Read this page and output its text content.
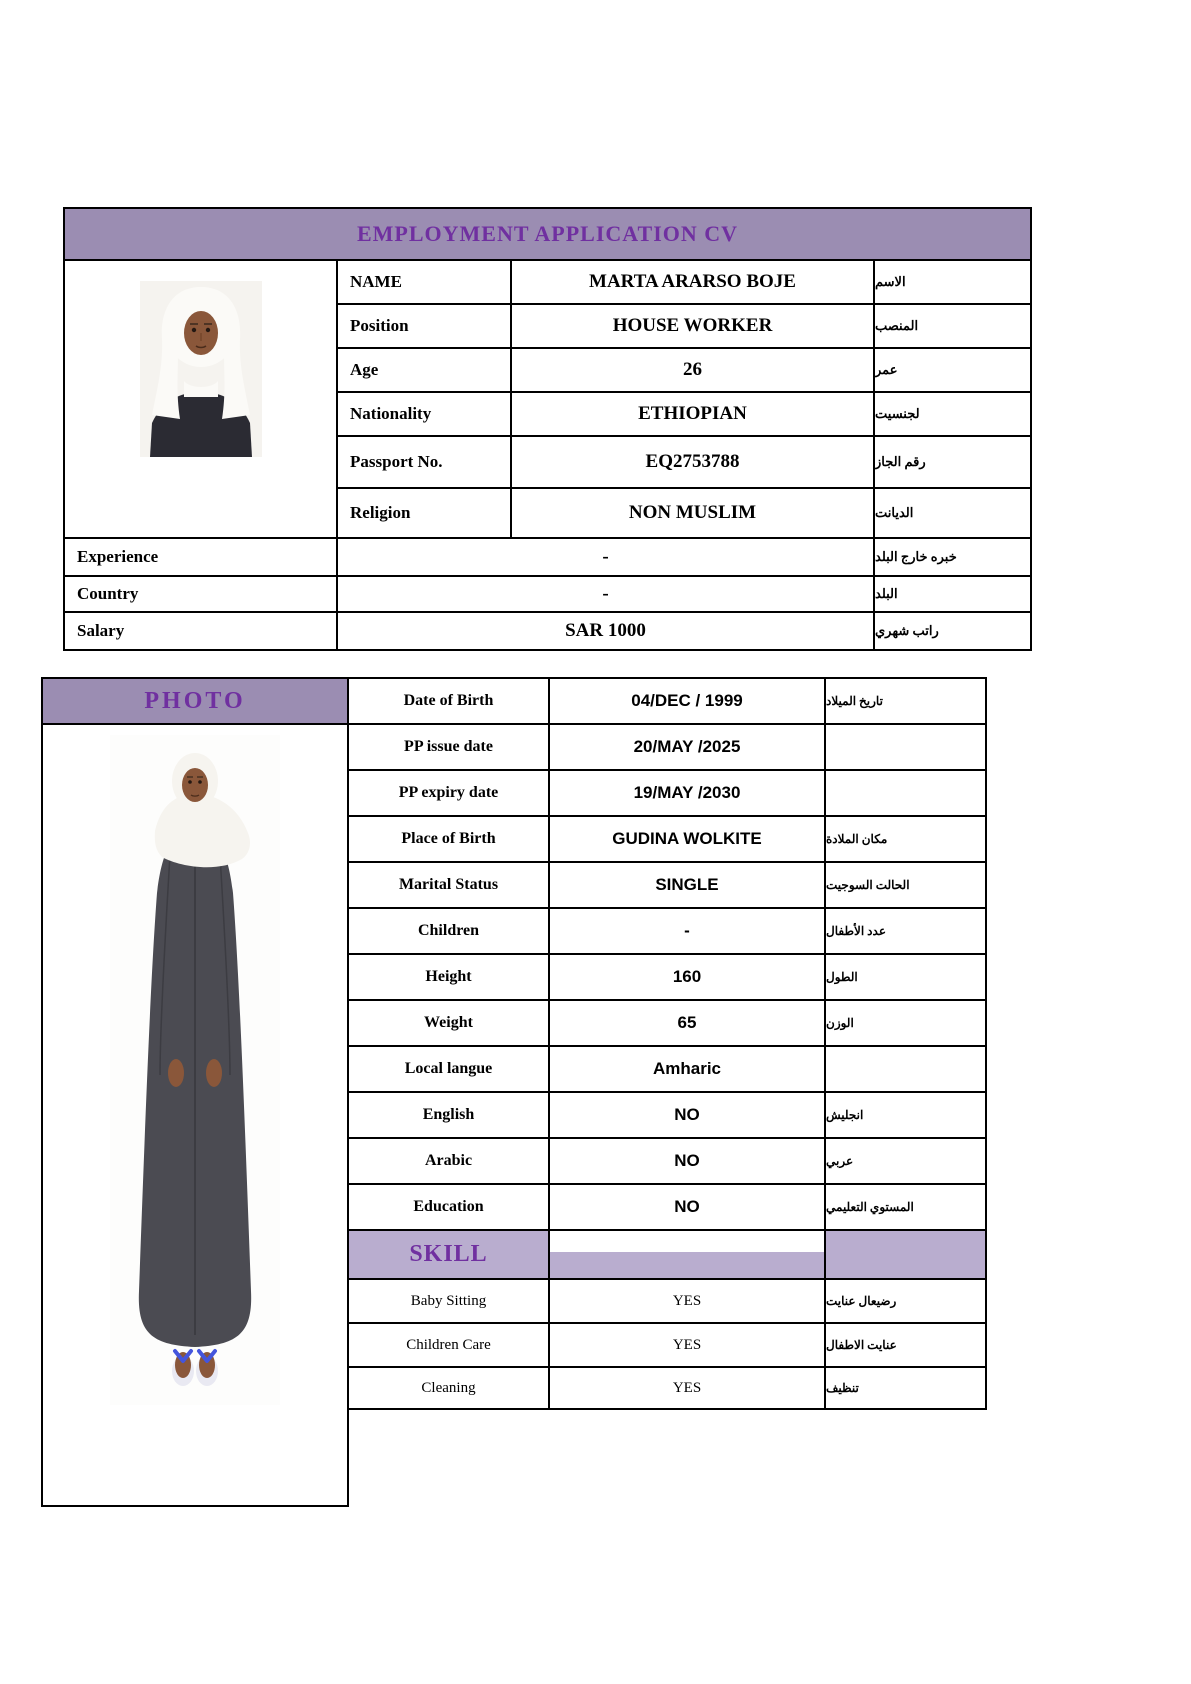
EMPLOYMENT APPLICATION CV
NAME	MARTA ARARSO BOJE	الاسم
Position	HOUSE WORKER	المنصب
Age	26	عمر
Nationality	ETHIOPIAN	لجنسيت
Passport No.	EQ2753788	رقم الجاز
Religion	NON MUSLIM	الديانت
Experience	-	خبره خارج البلد
Country	-	البلد
Salary	SAR 1000	راتب شهري
PHOTO	Date of Birth	04/DEC / 1999	تاريخ الميلاد
PP issue date	20/MAY /2025
PP expiry date	19/MAY /2030
Place of Birth	GUDINA WOLKITE	مكان الملادة
Marital Status	SINGLE	الحالت السوجيت
Children	-	عدد الأطفال
Height	160	الطول
Weight	65	الوزن
Local langue	Amharic
English	NO	انجليش
Arabic	NO	عربي
Education	NO	المستوي التعليمي
SKILL
Baby Sitting	YES	رضيعال عنايت
Children Care	YES	عنايت الاطفال
Cleaning	YES	تنظيف
